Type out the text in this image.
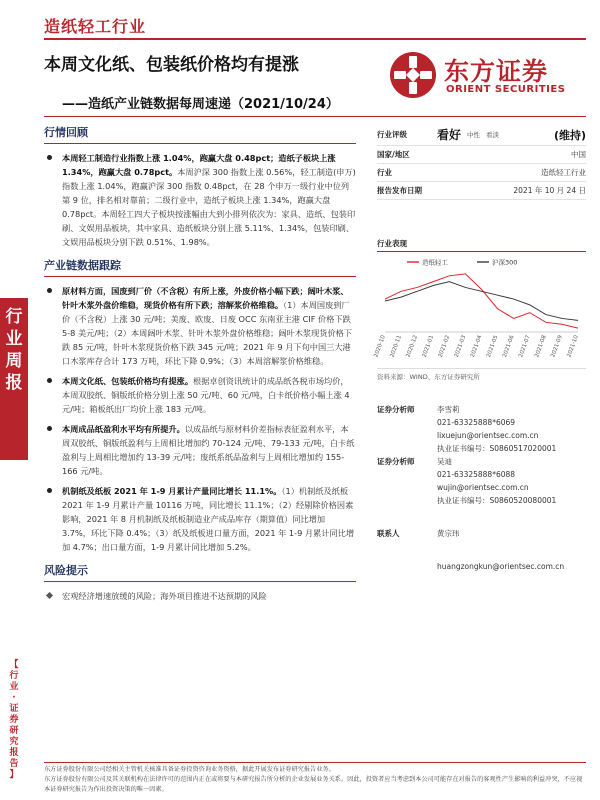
造纸轻工行业
本周文化纸、包装纸价格均有提涨
——造纸产业链数据每周速递（2021/10/24）
东方证券
ORIENT SECURITIES
行
业
周
报
【
行
业
·
证
券
研
究
报
告
】
行情回顾
本周轻工制造行业指数上涨 1.04%，跑赢大盘 0.48pct；造纸子板块上涨 1.34%，跑赢大盘 0.78pct。本周沪深 300 指数上涨 0.56%，轻工制造(申万)指数上涨 1.04%，跑赢沪深 300 指数 0.48pct，在 28 个申万一级行业中位列第 9 位，排名相对靠前；二级行业中，造纸子板块上涨 1.34%，跑赢大盘 0.78pct。本周轻工四大子板块按涨幅由大到小排列依次为：家具、造纸、包装印刷、文娱用品板块，其中家具、造纸板块分别上涨 5.11%、1.34%，包装印刷、文娱用品板块分别下跌 0.51%、1.98%。
产业链数据跟踪
原材料方面，国废到厂价（不含税）有所上涨，外废价格小幅下跌；阔叶木浆、针叶木浆外盘价维稳，现货价格有所下跌；溶解浆价格维稳。（1）本周国废到厂价（不含税）上涨 30 元/吨；美废、欧废、日废 OCC 东南亚主港 CIF 价格下跌 5-8 美元/吨；（2）本周阔叶木浆、针叶木浆外盘价格维稳；阔叶木浆现货价格下跌 85 元/吨，针叶木浆现货价格下跌 345 元/吨；2021 年 9 月下旬中国三大港口木浆库存合计 173 万吨，环比下降 0.9%；（3）本周溶解浆价格维稳。
本周文化纸、包装纸价格均有提涨。根据卓创资讯统计的成品纸各税市场均价，本周双胶纸、铜版纸价格分别上涨 50 元/吨、60 元/吨，白卡纸价格小幅上涨 4 元/吨；箱板纸出厂均价上涨 183 元/吨。
本周成品纸盈利水平均有所提升。以成品纸与原材料价差指标表征盈利水平，本周双胶纸、铜版纸盈利与上周相比增加约 70-124 元/吨、79-133 元/吨，白卡纸盈利与上周相比增加约 13-39 元/吨；废纸系纸品盈利与上周相比增加约 155-166 元/吨。
机制纸及纸板 2021 年 1-9 月累计产量同比增长 11.1%。（1）机制纸及纸板 2021 年 1-9 月累计产量 10116 万吨，同比增长 11.1%；（2）经剔除价格因素影响，2021 年 8 月机制纸及纸板制造业产成品库存（期算值）同比增加 3.7%，环比下降 0.4%；（3）纸及纸板进口量方面，2021 年 1-9 月累计同比增加 4.7%；出口量方面，1-9 月累计同比增加 5.2%。
风险提示
宏观经济增速放缓的风险；海外项目推进不达预期的风险
行业评级	看好 中性 看淡	(维持)
国家/地区	中国
行业	造纸轻工行业
报告发布日期	2021 年 10 月 24 日
行业表现
造纸轻工	沪深300
2020-10 2020-11 2020-12 2021-01 2021-02 2021-03 2021-04 2021-05 2021-06 2021-07 2021-08 2021-09 2021-10
资料来源：WIND、东方证券研究所
证券分析师	李雪莉
021-63325888*6069
lixuejun@orientsec.com.cn
执业证书编号：S0860517020001
证券分析师	吴迪
021-63325888*6088
wujin@orientsec.com.cn
执业证书编号：S0860520080001
联系人	黄宗玮
huangzongkun@orientsec.com.cn
东方证券股份有限公司经相关主管机关核准具备证券投资咨询业务资格，据此开展发布证券研究报告业务。
东方证券股份有限公司及其关联机构在法律许可的范围内正在或将要与本研究报告所分析的企业发展业务关系。因此，投资者应当考虑到本公司可能存在对报告的客观性产生影响的利益冲突，不应视本证券研究报告为作出投资决策的唯一因素。
